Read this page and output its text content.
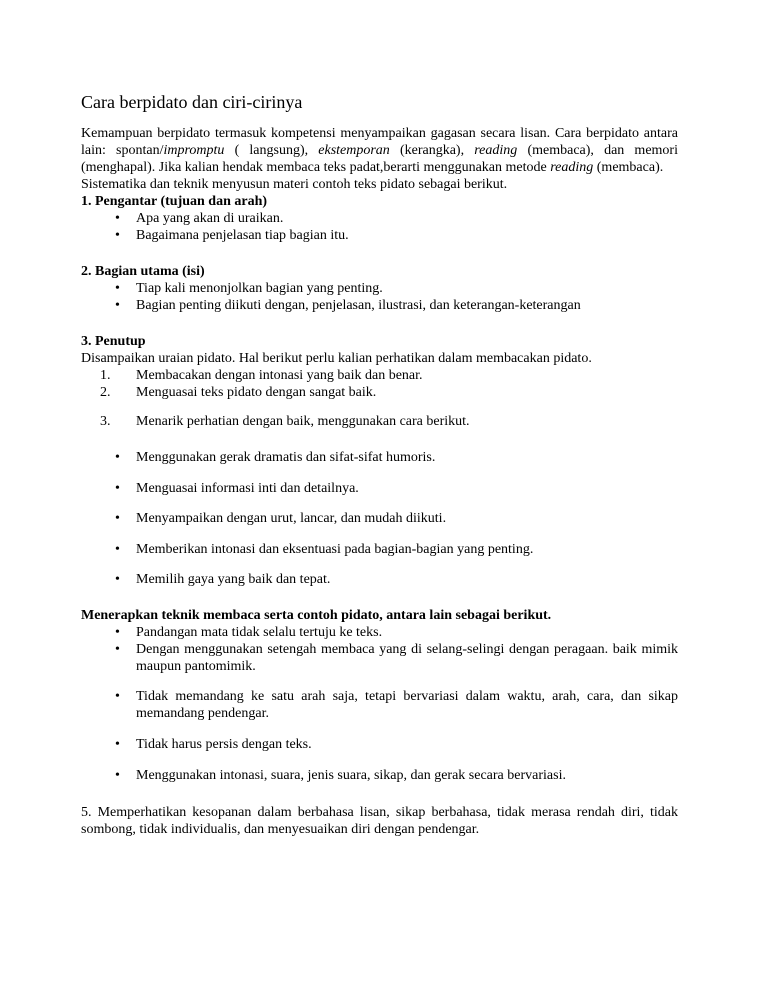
Cara berpidato dan ciri-cirinya

Kemampuan berpidato termasuk kompetensi menyampaikan gagasan secara lisan. Cara berpidato antara lain: spontan/impromptu ( langsung), ekstemporan (kerangka), reading (membaca), dan memori (menghapal). Jika kalian hendak membaca teks padat,berarti menggunakan metode reading (membaca).

Sistematika dan teknik menyusun materi contoh teks pidato sebagai berikut.

1. Pengantar (tujuan dan arah)

• Apa yang akan di uraikan.
• Bagaimana penjelasan tiap bagian itu.

2. Bagian utama (isi)

• Tiap kali menonjolkan bagian yang penting.
• Bagian penting diikuti dengan, penjelasan, ilustrasi, dan keterangan-keterangan

3. Penutup

Disampaikan uraian pidato. Hal berikut perlu kalian perhatikan dalam membacakan pidato.

1. Membacakan dengan intonasi yang baik dan benar.
2. Menguasai teks pidato dengan sangat baik.
3. Menarik perhatian dengan baik, menggunakan cara berikut.
• Menggunakan gerak dramatis dan sifat-sifat humoris.
• Menguasai informasi inti dan detailnya.
• Menyampaikan dengan urut, lancar, dan mudah diikuti.
• Memberikan intonasi dan eksentuasi pada bagian-bagian yang penting.
• Memilih gaya yang baik dan tepat.

Menerapkan teknik membaca serta contoh pidato, antara lain sebagai berikut.

• Pandangan mata tidak selalu tertuju ke teks.
• Dengan menggunakan setengah membaca yang di selang-selingi dengan peragaan. baik mimik maupun pantomimik.
• Tidak memandang ke satu arah saja, tetapi bervariasi dalam waktu, arah, cara, dan sikap memandang pendengar.
• Tidak harus persis dengan teks.
• Menggunakan intonasi, suara, jenis suara, sikap, dan gerak secara bervariasi.

5. Memperhatikan kesopanan dalam berbahasa lisan, sikap berbahasa, tidak merasa rendah diri, tidak sombong, tidak individualis, dan menyesuaikan diri dengan pendengar.
